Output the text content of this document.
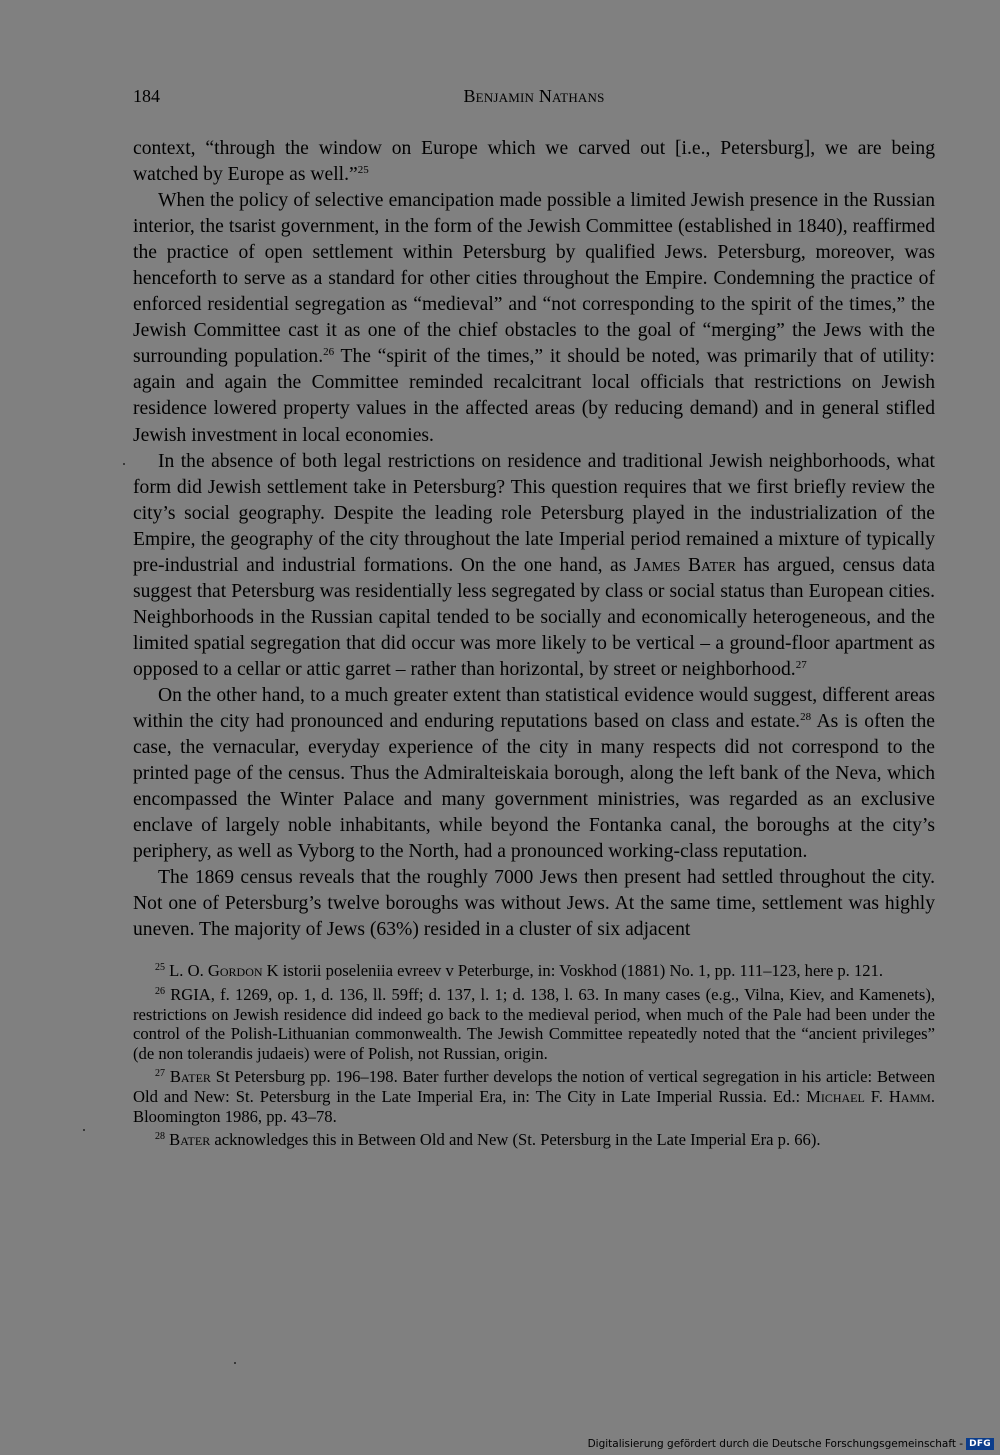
184	Benjamin Nathans

context, “through the window on Europe which we carved out [i.e., Petersburg], we are being watched by Europe as well.”$^{25}$

When the policy of selective emancipation made possible a limited Jewish presence in the Russian interior, the tsarist government, in the form of the Jewish Committee (established in 1840), reaffirmed the practice of open settlement within Petersburg by qualified Jews. Petersburg, moreover, was henceforth to serve as a standard for other cities throughout the Empire. Condemning the practice of enforced residential segregation as “medieval” and “not corresponding to the spirit of the times,” the Jewish Committee cast it as one of the chief obstacles to the goal of “merging” the Jews with the surrounding population.$^{26}$ The “spirit of the times,” it should be noted, was primarily that of utility: again and again the Committee reminded recalcitrant local officials that restrictions on Jewish residence lowered property values in the affected areas (by reducing demand) and in general stifled Jewish investment in local economies.

In the absence of both legal restrictions on residence and traditional Jewish neighborhoods, what form did Jewish settlement take in Petersburg? This question requires that we first briefly review the city’s social geography. Despite the leading role Petersburg played in the industrialization of the Empire, the geography of the city throughout the late Imperial period remained a mixture of typically pre-industrial and industrial formations. On the one hand, as James Bater has argued, census data suggest that Petersburg was residentially less segregated by class or social status than European cities. Neighborhoods in the Russian capital tended to be socially and economically heterogeneous, and the limited spatial segregation that did occur was more likely to be vertical – a ground-floor apartment as opposed to a cellar or attic garret – rather than horizontal, by street or neighborhood.$^{27}$

On the other hand, to a much greater extent than statistical evidence would suggest, different areas within the city had pronounced and enduring reputations based on class and estate.$^{28}$ As is often the case, the vernacular, everyday experience of the city in many respects did not correspond to the printed page of the census. Thus the Admiralteiskaia borough, along the left bank of the Neva, which encompassed the Winter Palace and many government ministries, was regarded as an exclusive enclave of largely noble inhabitants, while beyond the Fontanka canal, the boroughs at the city’s periphery, as well as Vyborg to the North, had a pronounced working-class reputation.

The 1869 census reveals that the roughly 7000 Jews then present had settled throughout the city. Not one of Petersburg’s twelve boroughs was without Jews. At the same time, settlement was highly uneven. The majority of Jews (63%) resided in a cluster of six adjacent

$^{25}$ L. O. Gordon K istorii poseleniia evreev v Peterburge, in: Voskhod (1881) No. 1, pp. 111–123, here p. 121.

$^{26}$ RGIA, f. 1269, op. 1, d. 136, ll. 59ff; d. 137, l. 1; d. 138, l. 63. In many cases (e.g., Vilna, Kiev, and Kamenets), restrictions on Jewish residence did indeed go back to the medieval period, when much of the Pale had been under the control of the Polish-Lithuanian commonwealth. The Jewish Committee repeatedly noted that the “ancient privileges” (de non tolerandis judaeis) were of Polish, not Russian, origin.

$^{27}$ Bater St Petersburg pp. 196–198. Bater further develops the notion of vertical segregation in his article: Between Old and New: St. Petersburg in the Late Imperial Era, in: The City in Late Imperial Russia. Ed.: Michael F. Hamm. Bloomington 1986, pp. 43–78.

$^{28}$ Bater acknowledges this in Between Old and New (St. Petersburg in the Late Imperial Era p. 66).

Digitalisierung gefördert durch die Deutsche Forschungsgemeinschaft - DFG
